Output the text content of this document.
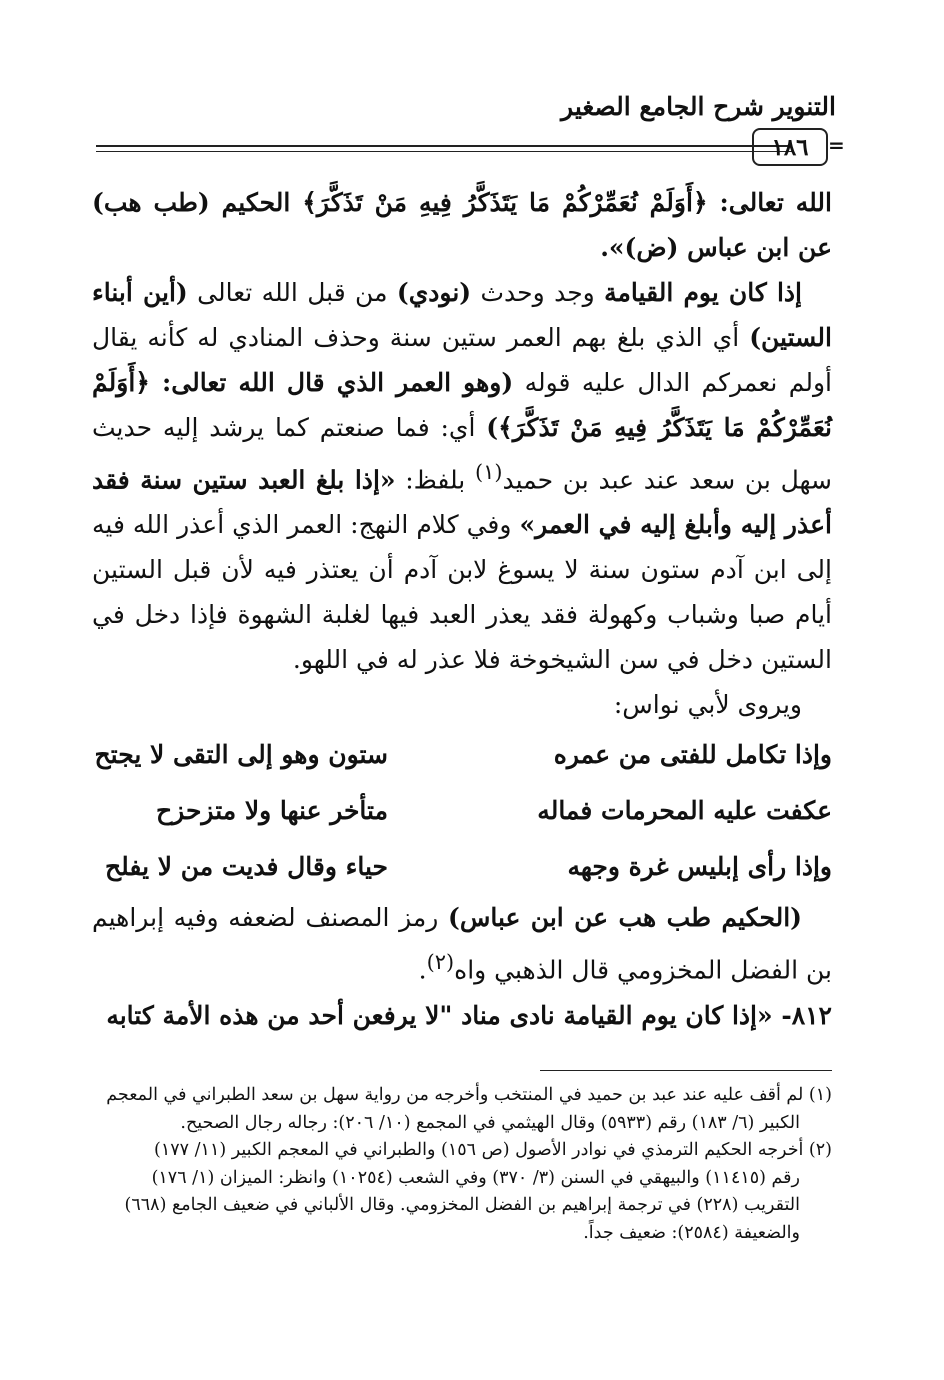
التنوير شرح الجامع الصغير
١٨٦ =

الله تعالى: ﴿أَوَلَمْ نُعَمِّرْكُمْ مَا يَتَذَكَّرُ فِيهِ مَنْ تَذَكَّرَ﴾ الحكيم (طب هب) عن ابن عباس (ض)».

إذا كان يوم القيامة وجد وحدث (نودي) من قبل الله تعالى (أين أبناء الستين) أي الذي بلغ بهم العمر ستين سنة وحذف المنادي له كأنه يقال أولم نعمركم الدال عليه قوله (وهو العمر الذي قال الله تعالى: ﴿أَوَلَمْ نُعَمِّرْكُمْ مَا يَتَذَكَّرُ فِيهِ مَنْ تَذَكَّرَ﴾) أي: فما صنعتم كما يرشد إليه حديث سهل بن سعد عند عبد بن حميد$^{(١)}$ بلفظ: «إذا بلغ العبد ستين سنة فقد أعذر إليه وأبلغ إليه في العمر» وفي كلام النهج: العمر الذي أعذر الله فيه إلى ابن آدم ستون سنة لا يسوغ لابن آدم أن يعتذر فيه لأن قبل الستين أيام صبا وشباب وكهولة فقد يعذر العبد فيها لغلبة الشهوة فإذا دخل في الستين دخل في سن الشيخوخة فلا عذر له في اللهو.

ويروى لأبي نواس:

وإذا تكامل للفتى من عمره
ستون وهو إلى التقى لا يجتح
عكفت عليه المحرمات فماله
متأخر عنها ولا متزحزح
وإذا رأى إبليس غرة وجهه
حياء وقال فديت من لا يفلح

(الحكيم طب هب عن ابن عباس) رمز المصنف لضعفه وفيه إبراهيم بن الفضل المخزومي قال الذهبي واه$^{(٢)}$.

٨١٢- «إذا كان يوم القيامة نادى مناد "لا يرفعن أحد من هذه الأمة كتابه

(١) لم أقف عليه عند عبد بن حميد في المنتخب وأخرجه من رواية سهل بن سعد الطبراني في المعجم

الكبير (٦/ ١٨٣) رقم (٥٩٣٣) وقال الهيثمي في المجمع (١٠/ ٢٠٦): رجاله رجال الصحيح.

(٢) أخرجه الحكيم الترمذي في نوادر الأصول (ص ١٥٦) والطبراني في المعجم الكبير (١١/ ١٧٧)

رقم (١١٤١٥) والبيهقي في السنن (٣/ ٣٧٠) وفي الشعب (١٠٢٥٤) وانظر: الميزان (١/ ١٧٦)

التقريب (٢٢٨) في ترجمة إبراهيم بن الفضل المخزومي. وقال الألباني في ضعيف الجامع (٦٦٨)

والضعيفة (٢٥٨٤): ضعيف جداً.
